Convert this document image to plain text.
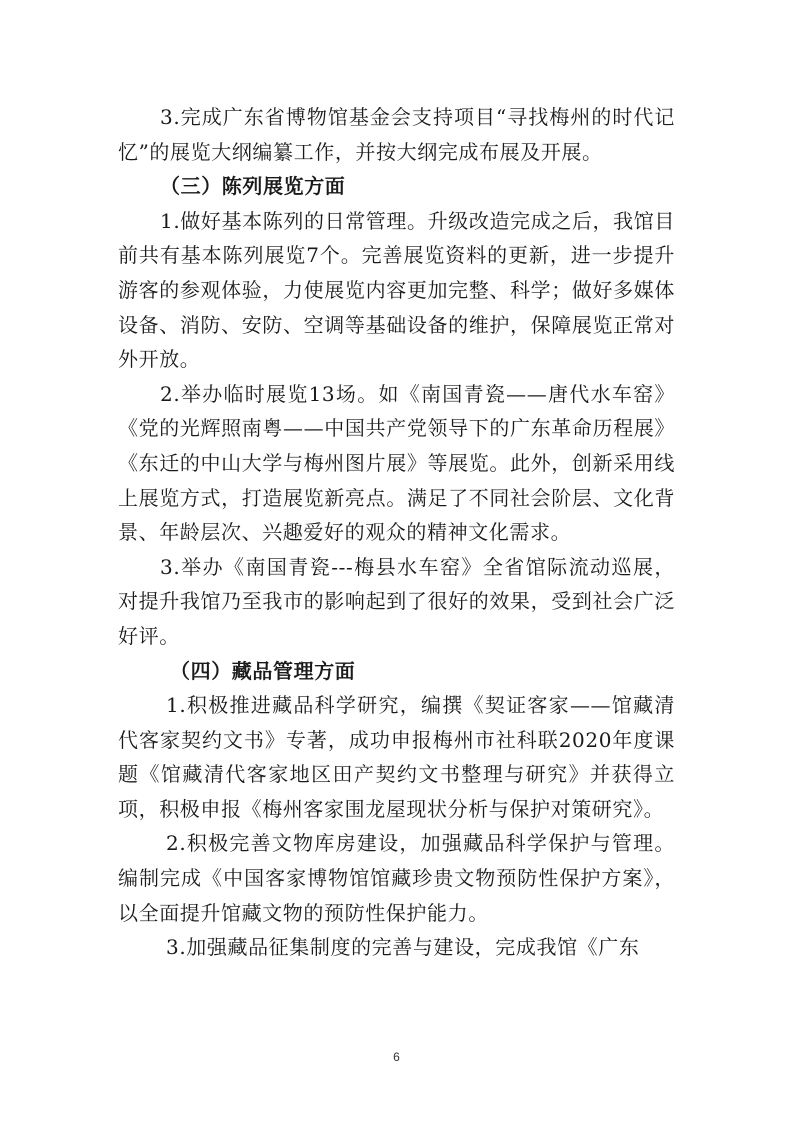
3.完成广东省博物馆基金会支持项目“寻找梅州的时代记忆”的展览大纲编纂工作，并按大纲完成布展及开展。

（三）陈列展览方面

1.做好基本陈列的日常管理。升级改造完成之后，我馆目前共有基本陈列展览7个。完善展览资料的更新，进一步提升游客的参观体验，力使展览内容更加完整、科学；做好多媒体设备、消防、安防、空调等基础设备的维护，保障展览正常对外开放。

2.举办临时展览13场。如《南国青瓷——唐代水车窑》《党的光辉照南粤——中国共产党领导下的广东革命历程展》《东迁的中山大学与梅州图片展》等展览。此外，创新采用线上展览方式，打造展览新亮点。满足了不同社会阶层、文化背景、年龄层次、兴趣爱好的观众的精神文化需求。

3.举办《南国青瓷---梅县水车窑》全省馆际流动巡展，对提升我馆乃至我市的影响起到了很好的效果，受到社会广泛好评。

（四）藏品管理方面

1.积极推进藏品科学研究，编撰《契证客家——馆藏清代客家契约文书》专著，成功申报梅州市社科联2020年度课题《馆藏清代客家地区田产契约文书整理与研究》并获得立项，积极申报《梅州客家围龙屋现状分析与保护对策研究》。

2.积极完善文物库房建设，加强藏品科学保护与管理。编制完成《中国客家博物馆馆藏珍贵文物预防性保护方案》，以全面提升馆藏文物的预防性保护能力。

3.加强藏品征集制度的完善与建设，完成我馆《广东

6
